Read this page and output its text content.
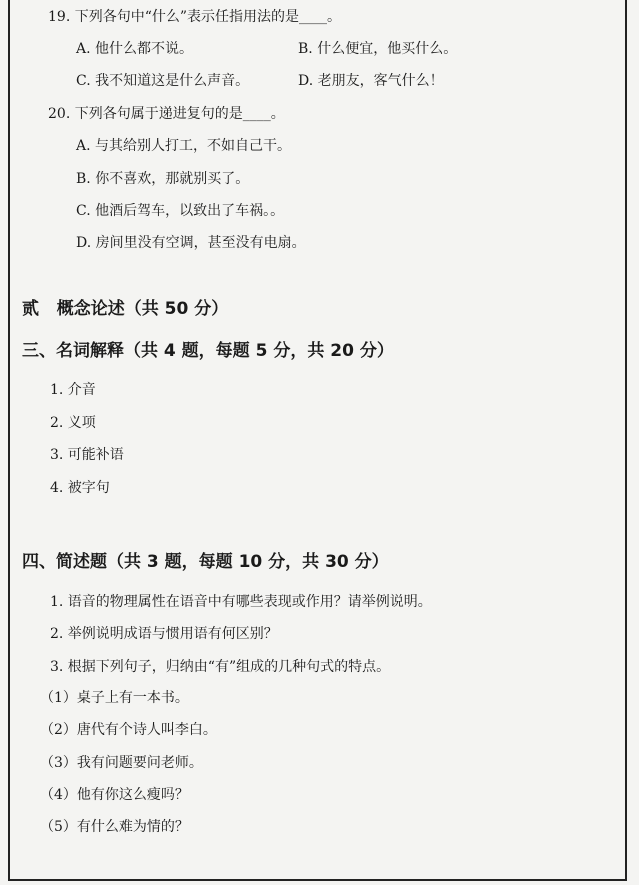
19. 下列各句中“什么”表示任指用法的是____。
A. 他什么都不说。	B. 什么便宜，他买什么。
C. 我不知道这是什么声音。	D. 老朋友，客气什么！
20. 下列各句属于递进复句的是____。
A. 与其给别人打工，不如自己干。
B. 你不喜欢，那就别买了。
C. 他酒后驾车，以致出了车祸。。
D. 房间里没有空调，甚至没有电扇。
贰   概念论述（共 50 分）
三、名词解释（共 4 题，每题 5 分，共 20 分）
1. 介音
2. 义项
3. 可能补语
4. 被字句
四、简述题（共 3 题，每题 10 分，共 30 分）
1. 语音的物理属性在语音中有哪些表现或作用？请举例说明。
2. 举例说明成语与惯用语有何区别？
3. 根据下列句子，归纳由“有”组成的几种句式的特点。
（1）桌子上有一本书。
（2）唐代有个诗人叫李白。
（3）我有问题要问老师。
（4）他有你这么瘦吗？
（5）有什么难为情的？
